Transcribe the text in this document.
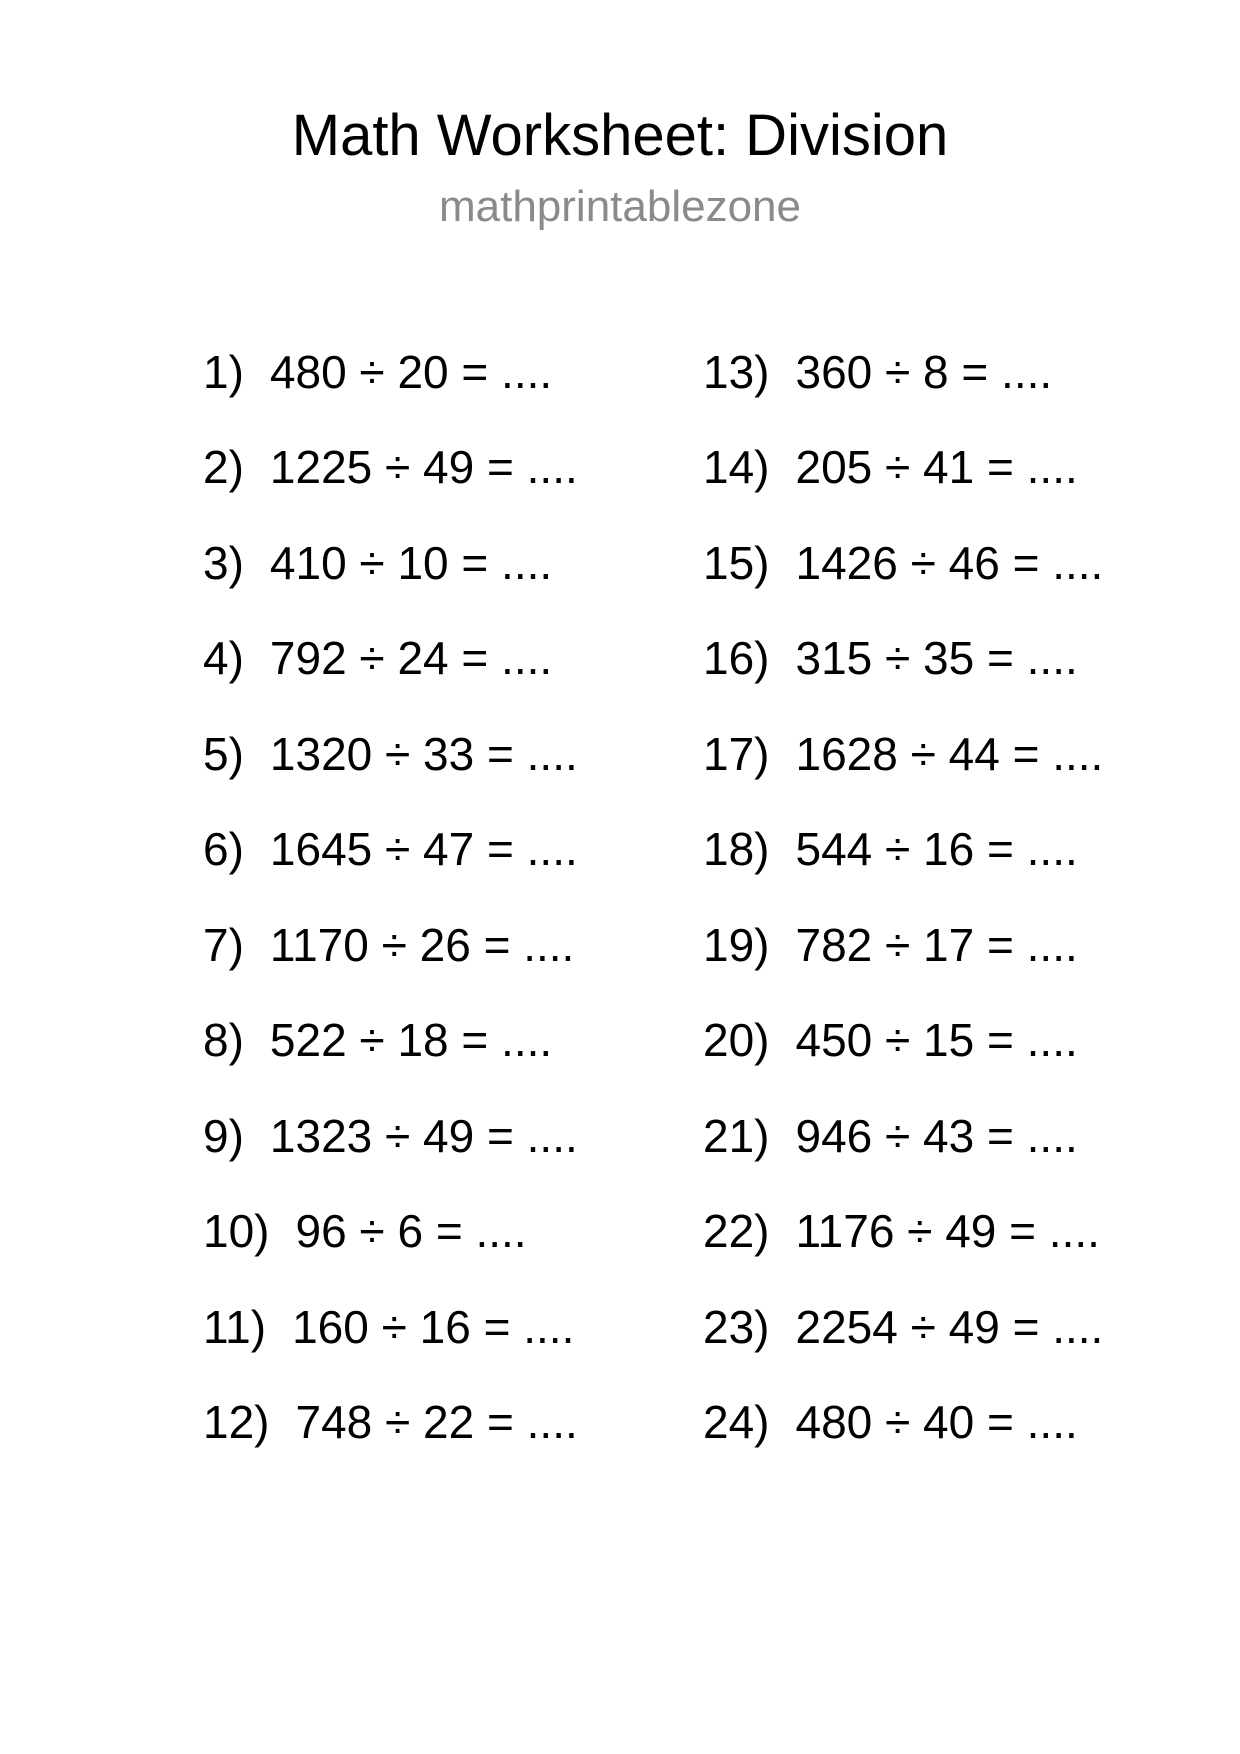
Math Worksheet: Division
mathprintablezone
1) 480 ÷ 20 = ....
2) 1225 ÷ 49 = ....
3) 410 ÷ 10 = ....
4) 792 ÷ 24 = ....
5) 1320 ÷ 33 = ....
6) 1645 ÷ 47 = ....
7) 1170 ÷ 26 = ....
8) 522 ÷ 18 = ....
9) 1323 ÷ 49 = ....
10) 96 ÷ 6 = ....
11) 160 ÷ 16 = ....
12) 748 ÷ 22 = ....
13) 360 ÷ 8 = ....
14) 205 ÷ 41 = ....
15) 1426 ÷ 46 = ....
16) 315 ÷ 35 = ....
17) 1628 ÷ 44 = ....
18) 544 ÷ 16 = ....
19) 782 ÷ 17 = ....
20) 450 ÷ 15 = ....
21) 946 ÷ 43 = ....
22) 1176 ÷ 49 = ....
23) 2254 ÷ 49 = ....
24) 480 ÷ 40 = ....
